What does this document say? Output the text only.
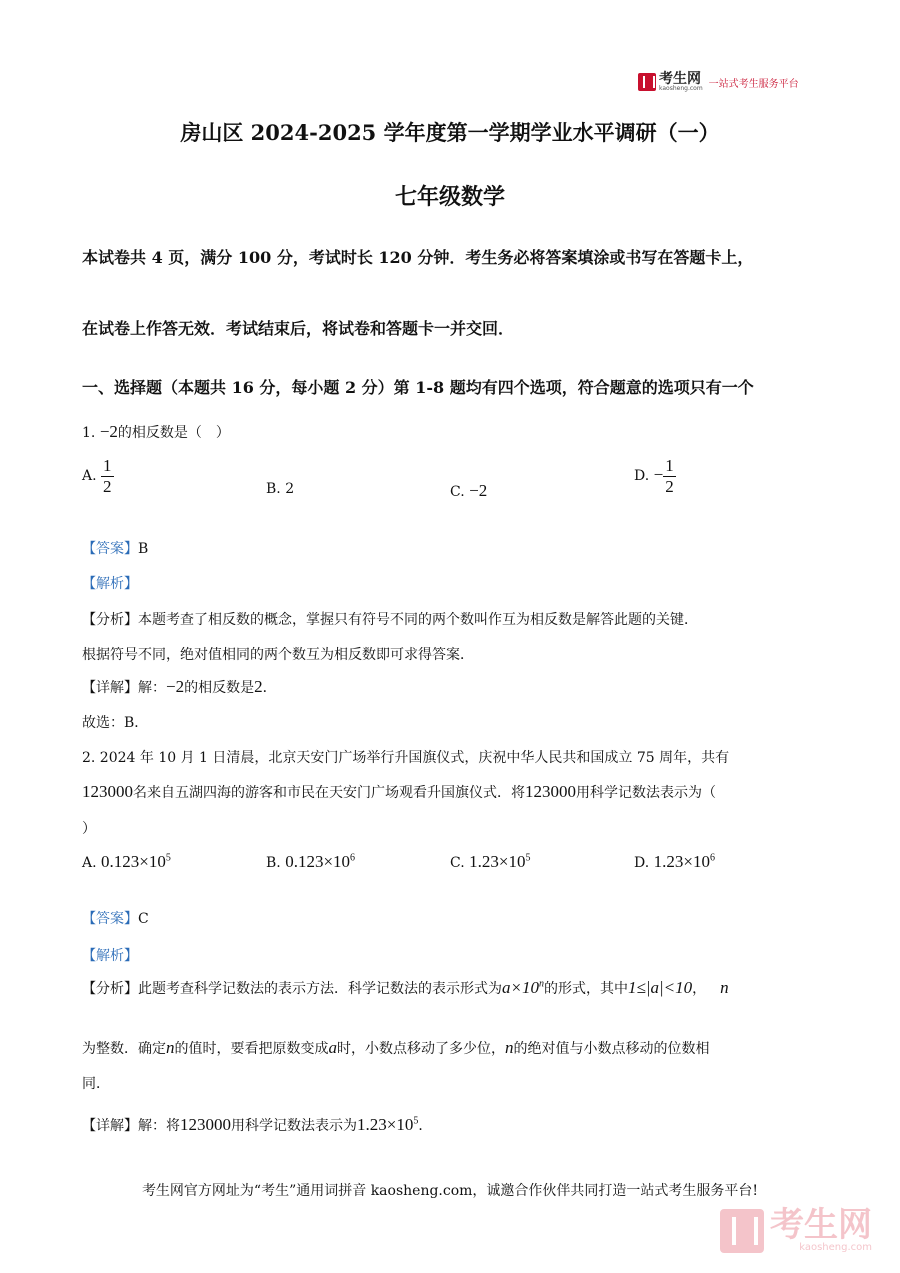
考生网
kaosheng.com 一站式考生服务平台
房山区 2024-2025 学年度第一学期学业水平调研（一）
七年级数学
本试卷共 4 页，满分 100 分，考试时长 120 分钟．考生务必将答案填涂或书写在答题卡上，
在试卷上作答无效．考试结束后，将试卷和答题卡一并交回．
一、选择题（本题共 16 分，每小题 2 分）第 1-8 题均有四个选项，符合题意的选项只有一个
1. −2的相反数是（　）
A. $\frac{1}{2}$	B. 2	C. −2
D. − $\frac{1}{2}$
【答案】B
【解析】
【分析】本题考查了相反数的概念，掌握只有符号不同的两个数叫作互为相反数是解答此题的关键．
根据符号不同，绝对值相同的两个数互为相反数即可求得答案．
【详解】解：−2的相反数是2．
故选：B．
2. 2024 年 10 月 1 日清晨，北京天安门广场举行升国旗仪式，庆祝中华人民共和国成立 75 周年，共有
123000名来自五湖四海的游客和市民在天安门广场观看升国旗仪式．将123000用科学记数法表示为（
）
A. $0.123\times 10^5$	B. $0.123\times 10^6$	C. $1.23\times 10^5$	D. $1.23\times 10^6$
【答案】C
【解析】
【分析】此题考查科学记数法的表示方法．科学记数法的表示形式为$a\times 10^n$的形式，其中1≤|a|<10， n
为整数．确定n的值时，要看把原数变成a时，小数点移动了多少位，n的绝对值与小数点移动的位数相
同．
【详解】解：将123000用科学记数法表示为$1.23\times 10^5$．
考生网官方网址为“考生”通用词拼音 kaosheng.com，诚邀合作伙伴共同打造一站式考生服务平台!
考生网
kaosheng.com
